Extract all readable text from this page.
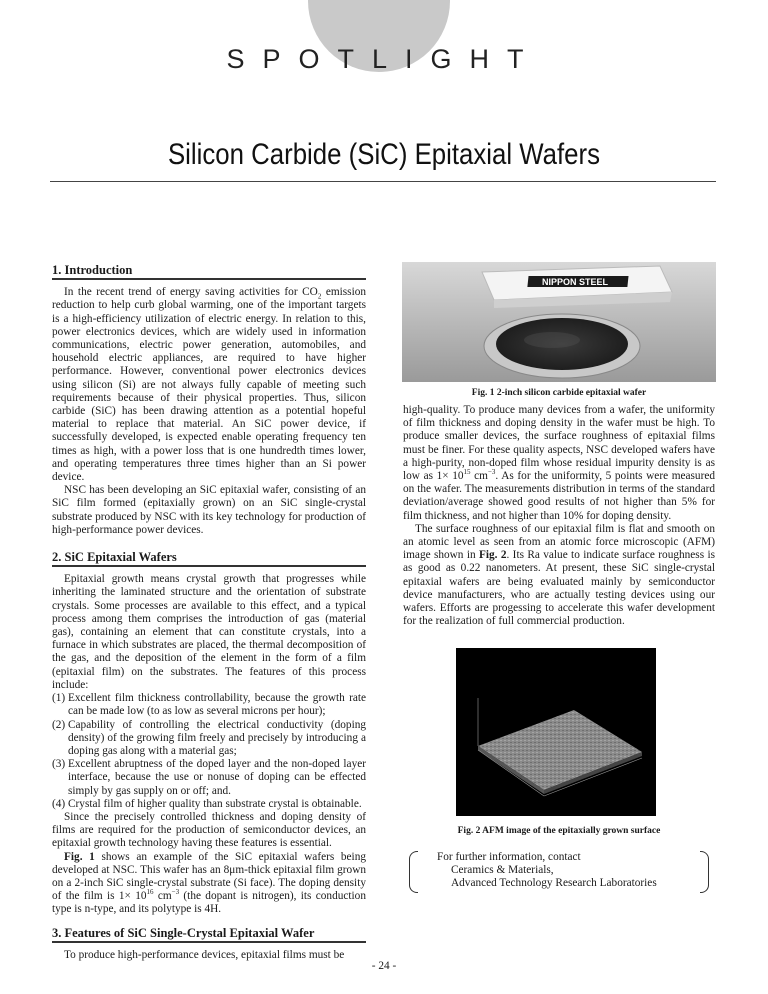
SPOTLIGHT
Silicon Carbide (SiC) Epitaxial Wafers
1. Introduction

In the recent trend of energy saving activities for $CO_2$ emission reduction to help curb global warming, one of the important targets is a high-efficiency utilization of electric energy. In relation to this, power electronics devices, which are widely used in information communications, electric power generation, automobiles, and household electric appliances, are required to have higher performance. However, conventional power electronics devices using silicon (Si) are not always fully capable of meeting such requirements because of their physical properties. Thus, silicon carbide (SiC) has been drawing attention as a potential hopeful material to replace that material. An SiC power device, if successfully developed, is expected enable operating frequency ten times as high, with a power loss that is one hundredth times lower, and operating temperatures three times higher than an Si power device.

NSC has been developing an SiC epitaxial wafer, consisting of an SiC film formed (epitaxially grown) on an SiC single-crystal substrate produced by NSC with its key technology for production of high-performance power devices.

2. SiC Epitaxial Wafers

Epitaxial growth means crystal growth that progresses while inheriting the laminated structure and the orientation of substrate crystals. Some processes are available to this effect, and a typical process among them comprises the introduction of gas (material gas), containing an element that can constitute crystals, into a furnace in which substrates are placed, the thermal decomposition of the gas, and the deposition of the element in the form of a film (epitaxial film) on the substrates. The features of this process include:

(1) Excellent film thickness controllability, because the growth rate can be made low (to as low as several microns per hour);
(2) Capability of controlling the electrical conductivity (doping density) of the growing film freely and precisely by introducing a doping gas along with a material gas;
(3) Excellent abruptness of the doped layer and the non-doped layer interface, because the use or nonuse of doping can be effected simply by gas supply on or off; and.
(4) Crystal film of higher quality than substrate crystal is obtainable.

Since the precisely controlled thickness and doping density of films are required for the production of semiconductor devices, an epitaxial growth technology having these features is essential.

Fig. 1 shows an example of the SiC epitaxial wafers being developed at NSC. This wafer has an 8μm-thick epitaxial film grown on a 2-inch SiC single-crystal substrate (Si face). The doping density of the film is $1\times 10^{16}$ $cm^{-3}$ (the dopant is nitrogen), its conduction type is n-type, and its polytype is 4H.

3. Features of SiC Single-Crystal Epitaxial Wafer

To produce high-performance devices, epitaxial films must be

NIPPON STEEL
Fig. 1 2-inch silicon carbide epitaxial wafer

high-quality. To produce many devices from a wafer, the uniformity of film thickness and doping density in the wafer must be high. To produce smaller devices, the surface roughness of epitaxial films must be finer. For these quality aspects, NSC developed wafers have a high-purity, non-doped film whose residual impurity density is as low as $1\times 10^{15}$ $cm^{-3}$. As for the uniformity, 5 points were measured on the wafer. The measurements distribution in terms of the standard deviation/average showed good results of not higher than 5% for film thickness, and not higher than 10% for doping density.

The surface roughness of our epitaxial film is flat and smooth on an atomic level as seen from an atomic force microscopic (AFM) image shown in Fig. 2. Its Ra value to indicate surface roughness is as good as 0.22 nanometers. At present, these SiC single-crystal epitaxial wafers are being evaluated mainly by semiconductor device manufacturers, who are actually testing devices using our wafers. Efforts are progessing to accelerate this wafer development for the realization of full commercial production.

Fig. 2 AFM image of the epitaxially grown surface
For further information, contact
Ceramics & Materials,
Advanced Technology Research Laboratories
- 24 -
